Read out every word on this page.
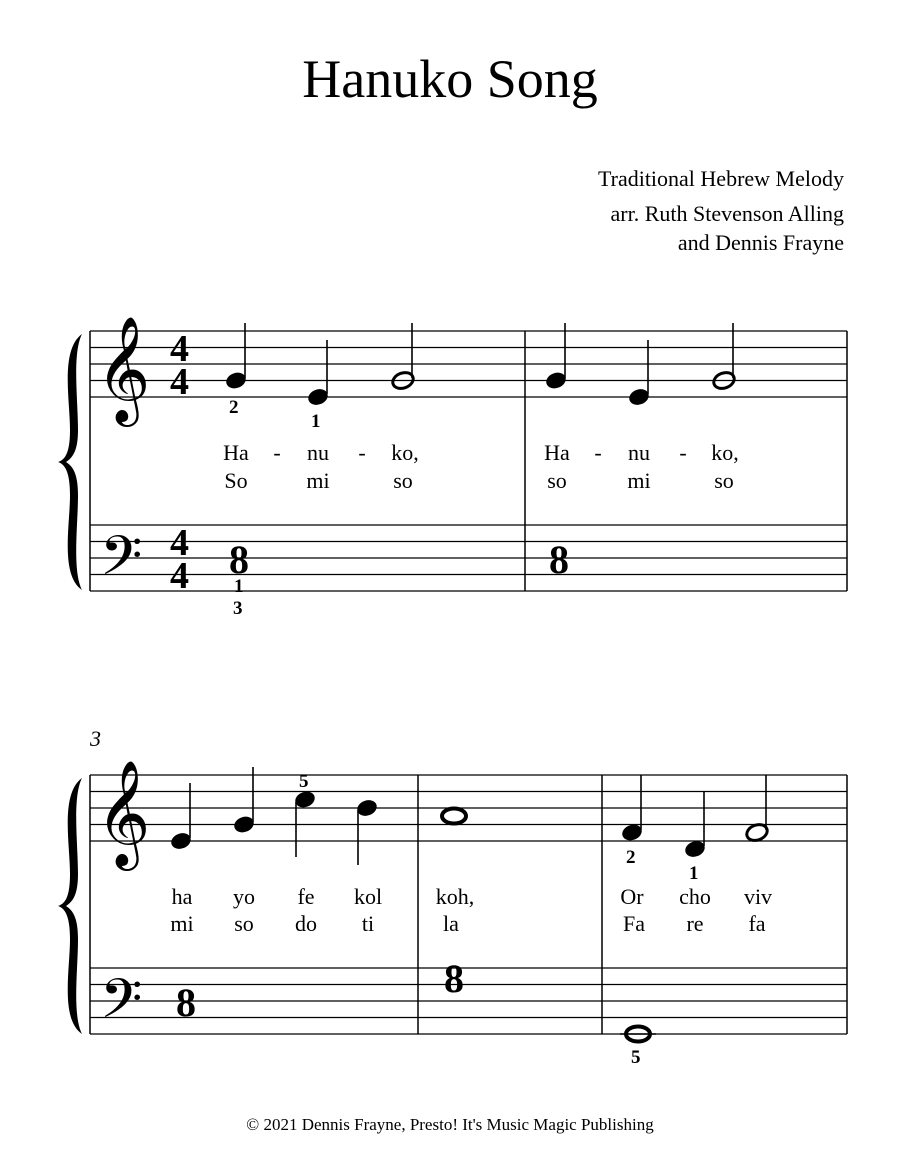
Hanuko Song
Traditional Hebrew Melody
arr. Ruth Stevenson Alling
and Dennis Frayne
𝄞
𝄢
4
4
4
4
2
1
1
3
Ha - nu - ko,	Ha - nu - ko,
So	mi	so	so	mi	so
8	8
3
𝄞
𝄢
5
2
1
5
ha yo fe kol koh,	Or cho viv
mi so do ti	la	Fa re fa
8
8
© 2021 Dennis Frayne, Presto! It's Music Magic Publishing
